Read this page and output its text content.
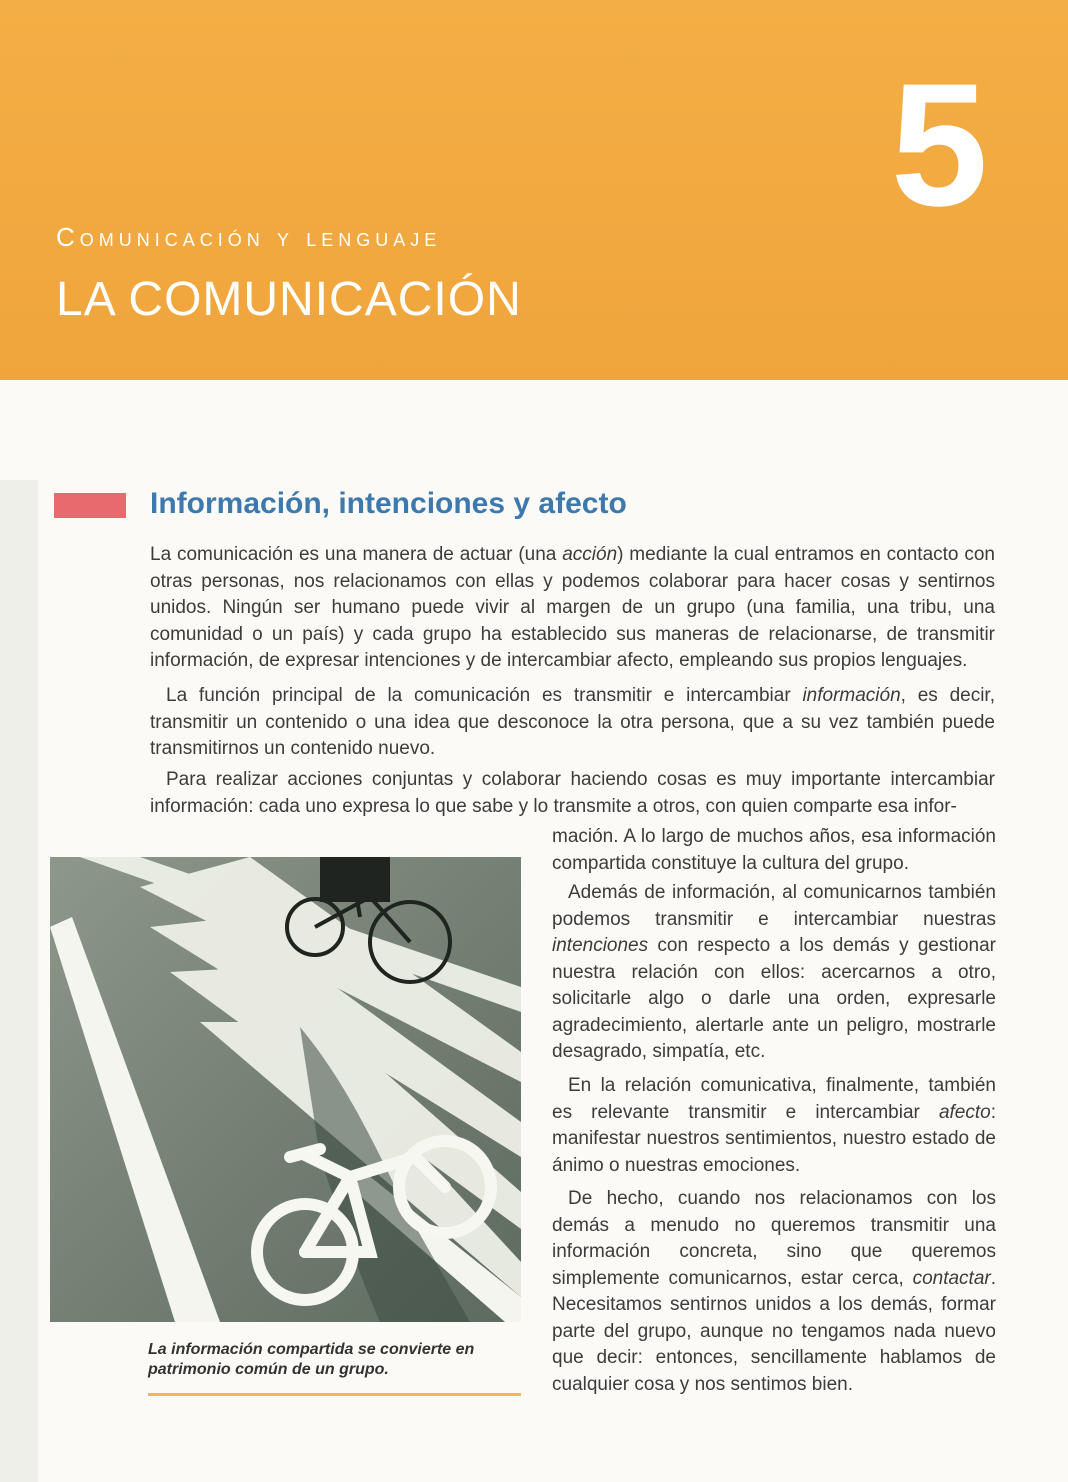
5
Comunicación y lenguaje
LA COMUNICACIÓN
Información, intenciones y afecto

La comunicación es una manera de actuar (una acción) mediante la cual entramos en contacto con otras personas, nos relacionamos con ellas y podemos colaborar para hacer cosas y sentirnos unidos. Ningún ser humano puede vivir al margen de un grupo (una familia, una tribu, una comunidad o un país) y cada grupo ha establecido sus maneras de relacionarse, de transmitir información, de expresar intenciones y de intercambiar afecto, empleando sus propios lenguajes.

La función principal de la comunicación es transmitir e intercambiar información, es decir, transmitir un contenido o una idea que desconoce la otra persona, que a su vez también puede transmitirnos un contenido nuevo.

Para realizar acciones conjuntas y colaborar haciendo cosas es muy importante intercambiar información: cada uno expresa lo que sabe y lo transmite a otros, con quien comparte esa infor-

mación. A lo largo de muchos años, esa información compartida constituye la cultura del grupo.

Además de información, al comunicarnos también podemos transmitir e intercambiar nuestras intenciones con respecto a los demás y gestionar nuestra relación con ellos: acercarnos a otro, solicitarle algo o darle una orden, expresarle agradecimiento, alertarle ante un peligro, mostrarle desagrado, simpatía, etc.

En la relación comunicativa, finalmente, también es relevante transmitir e intercambiar afecto: manifestar nuestros sentimientos, nuestro estado de ánimo o nuestras emociones.

De hecho, cuando nos relacionamos con los demás a menudo no queremos transmitir una información concreta, sino que queremos simplemente comunicarnos, estar cerca, contactar. Necesitamos sentirnos unidos a los demás, formar parte del grupo, aunque no tengamos nada nuevo que decir: entonces, sencillamente hablamos de cualquier cosa y nos sentimos bien.

La información compartida se convierte en patrimonio común de un grupo.
